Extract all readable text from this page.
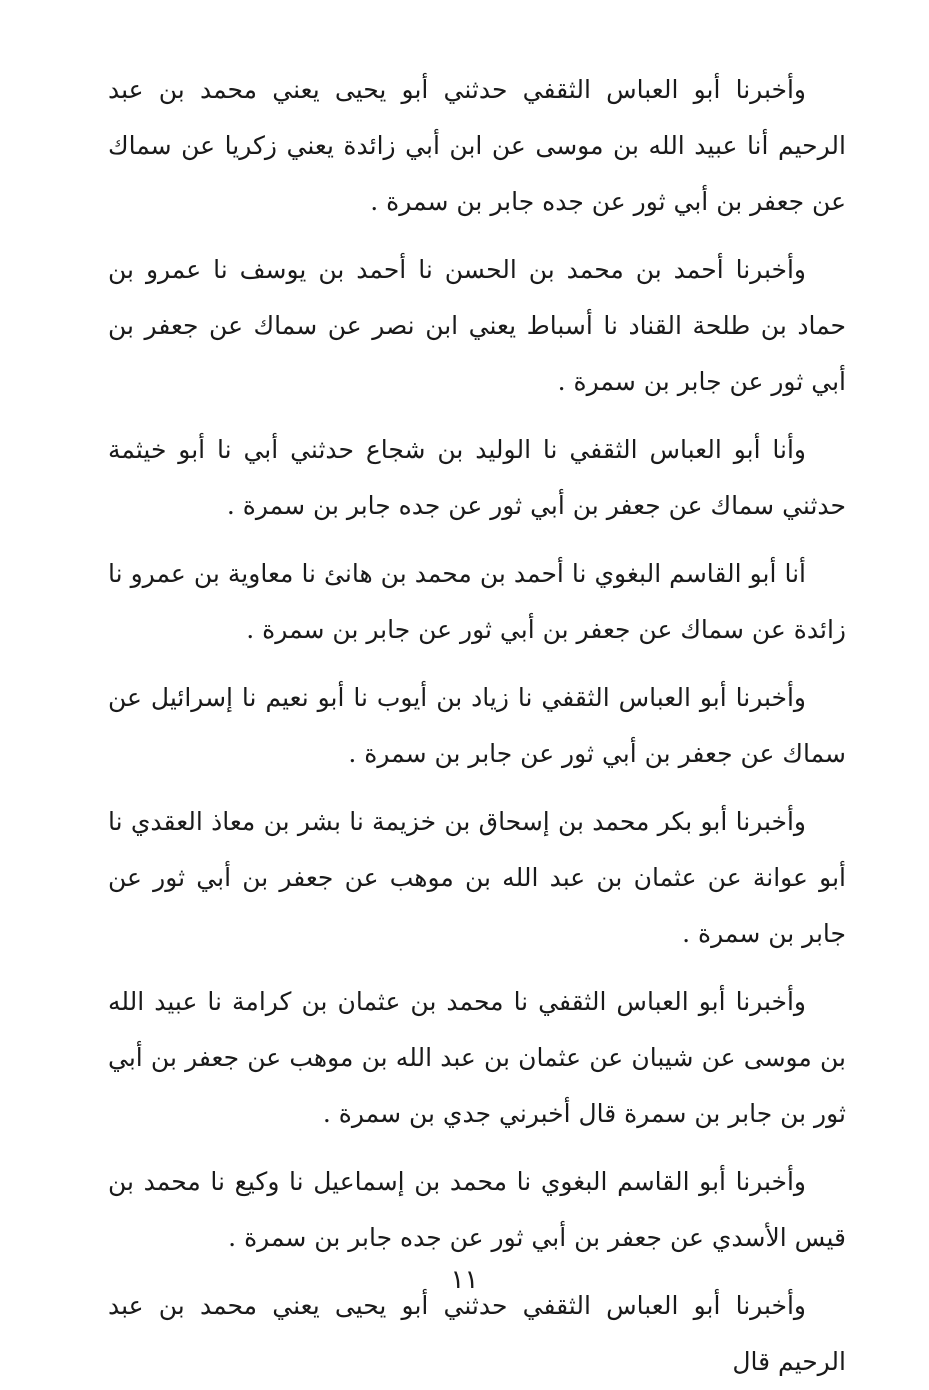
وأخبرنا أبو العباس الثقفي حدثني أبو يحيى يعني محمد بن عبد الرحيم أنا عبيد الله بن موسى عن ابن أبي زائدة يعني زكريا عن سماك عن جعفر بن أبي ثور عن جده جابر بن سمرة .

وأخبرنا أحمد بن محمد بن الحسن نا أحمد بن يوسف نا عمرو بن حماد بن طلحة القناد نا أسباط يعني ابن نصر عن سماك عن جعفر بن أبي ثور عن جابر بن سمرة .

وأنا أبو العباس الثقفي نا الوليد بن شجاع حدثني أبي نا أبو خيثمة حدثني سماك عن جعفر بن أبي ثور عن جده جابر بن سمرة .

أنا أبو القاسم البغوي نا أحمد بن محمد بن هانئ نا معاوية بن عمرو نا زائدة عن سماك عن جعفر بن أبي ثور عن جابر بن سمرة .

وأخبرنا أبو العباس الثقفي نا زياد بن أيوب نا أبو نعيم نا إسرائيل عن سماك عن جعفر بن أبي ثور عن جابر بن سمرة .

وأخبرنا أبو بكر محمد بن إسحاق بن خزيمة نا بشر بن معاذ العقدي نا أبو عوانة عن عثمان بن عبد الله بن موهب عن جعفر بن أبي ثور عن جابر بن سمرة .

وأخبرنا أبو العباس الثقفي نا محمد بن عثمان بن كرامة نا عبيد الله بن موسى عن شيبان عن عثمان بن عبد الله بن موهب عن جعفر بن أبي ثور بن جابر بن سمرة قال أخبرني جدي بن سمرة .

وأخبرنا أبو القاسم البغوي نا محمد بن إسماعيل نا وكيع نا محمد بن قيس الأسدي عن جعفر بن أبي ثور عن جده جابر بن سمرة .

وأخبرنا أبو العباس الثقفي حدثني أبو يحيى يعني محمد بن عبد الرحيم قال

١١
